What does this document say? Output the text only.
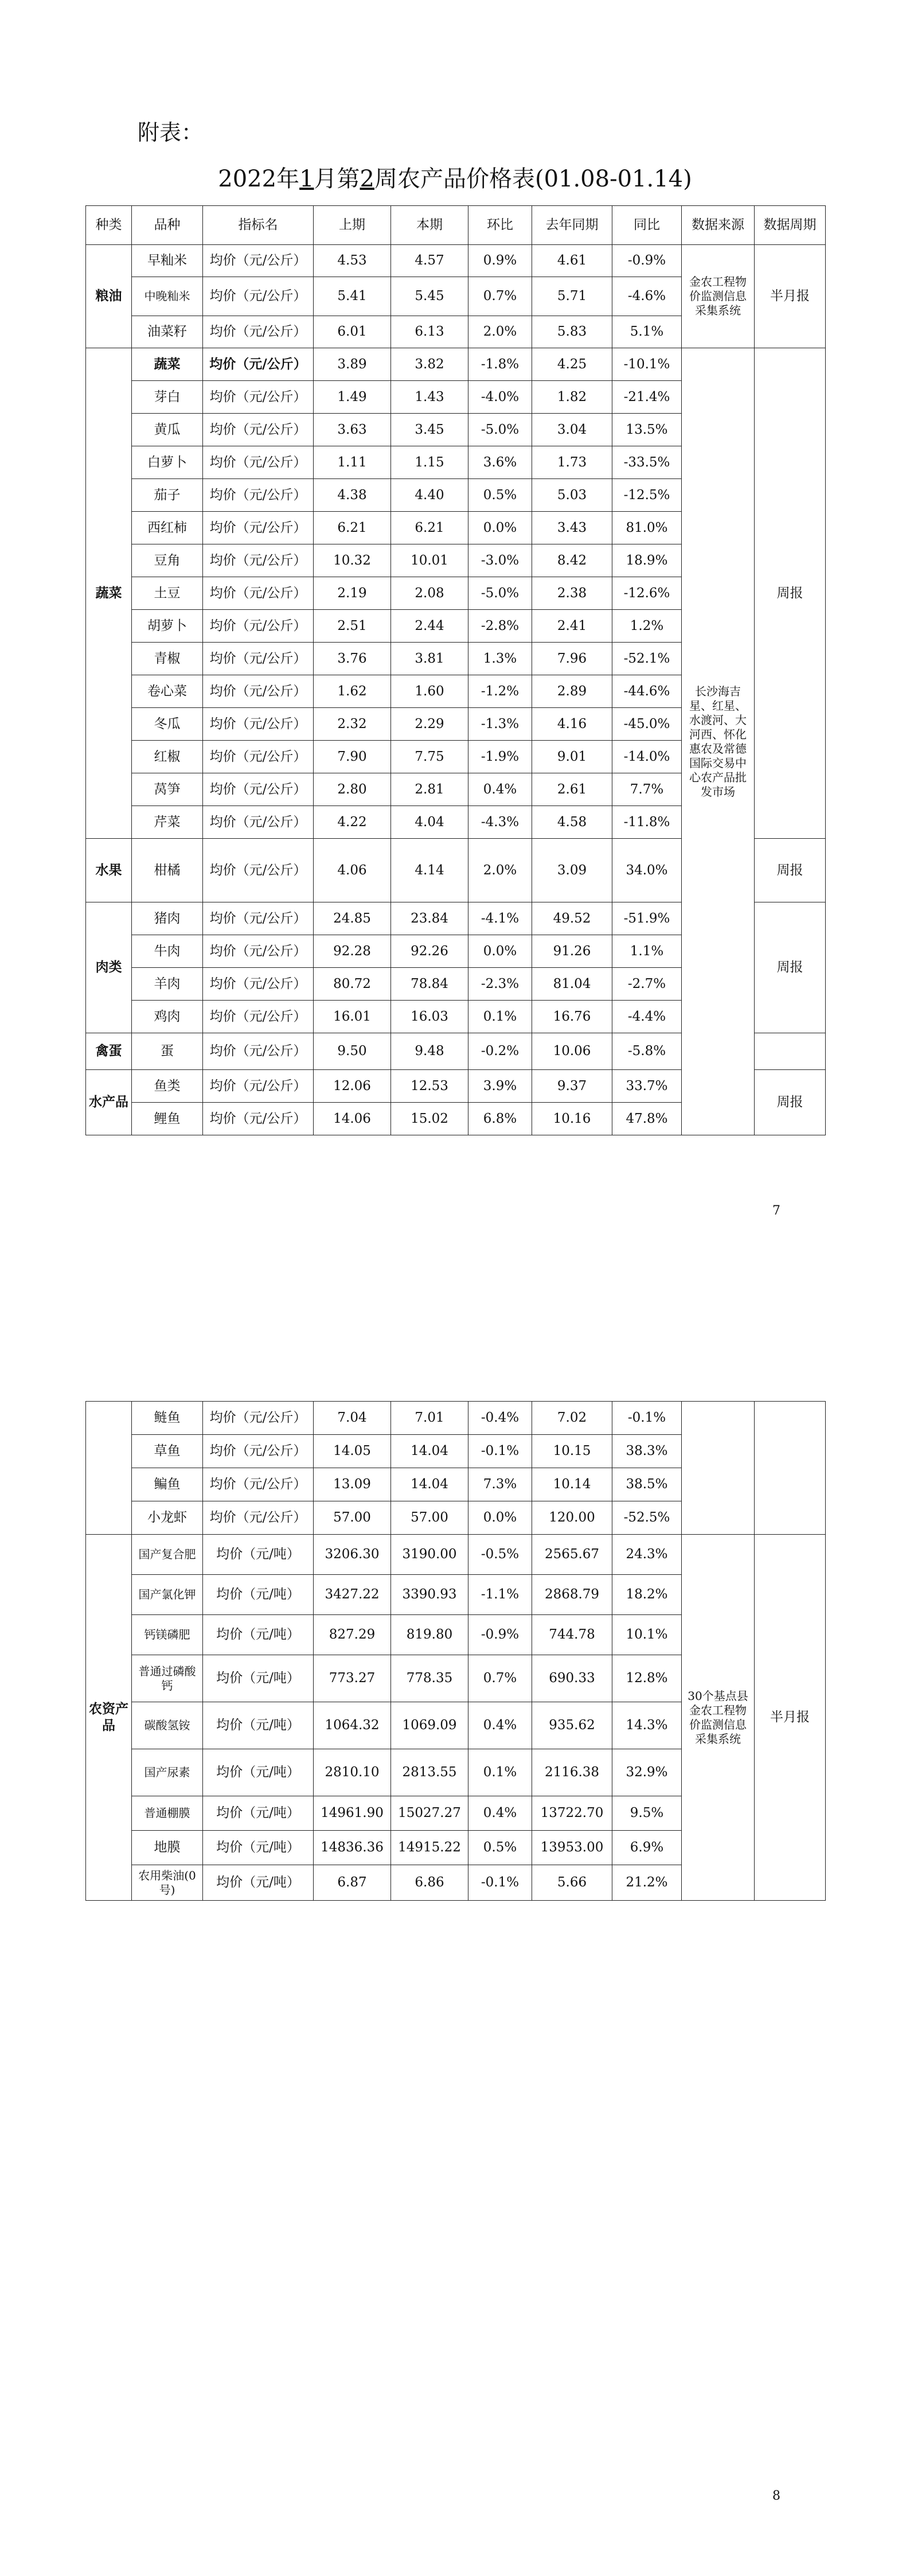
附表：
2022年1月第2周农产品价格表(01.08-01.14)
种类	品种	指标名	上期	本期	环比	去年同期	同比	数据来源	数据周期
粮油	早籼米	均价（元/公斤）	4.53	4.57	0.9%	4.61	-0.9%	金农工程物价监测信息采集系统	半月报
	中晚籼米	均价（元/公斤）	5.41	5.45	0.7%	5.71	-4.6%		
	油菜籽	均价（元/公斤）	6.01	6.13	2.0%	5.83	5.1%		
蔬菜	蔬菜	均价（元/公斤）	3.89	3.82	-1.8%	4.25	-10.1%	长沙海吉星、红星、水渡河、大河西、怀化惠农及常德国际交易中心农产品批发市场	周报
	芽白	均价（元/公斤）	1.49	1.43	-4.0%	1.82	-21.4%		
	黄瓜	均价（元/公斤）	3.63	3.45	-5.0%	3.04	13.5%		
	白萝卜	均价（元/公斤）	1.11	1.15	3.6%	1.73	-33.5%		
	茄子	均价（元/公斤）	4.38	4.40	0.5%	5.03	-12.5%		
	西红柿	均价（元/公斤）	6.21	6.21	0.0%	3.43	81.0%		
	豆角	均价（元/公斤）	10.32	10.01	-3.0%	8.42	18.9%		
	土豆	均价（元/公斤）	2.19	2.08	-5.0%	2.38	-12.6%		
	胡萝卜	均价（元/公斤）	2.51	2.44	-2.8%	2.41	1.2%		
	青椒	均价（元/公斤）	3.76	3.81	1.3%	7.96	-52.1%		
	卷心菜	均价（元/公斤）	1.62	1.60	-1.2%	2.89	-44.6%		
	冬瓜	均价（元/公斤）	2.32	2.29	-1.3%	4.16	-45.0%		
	红椒	均价（元/公斤）	7.90	7.75	-1.9%	9.01	-14.0%		
	莴笋	均价（元/公斤）	2.80	2.81	0.4%	2.61	7.7%		
	芹菜	均价（元/公斤）	4.22	4.04	-4.3%	4.58	-11.8%		
水果	柑橘	均价（元/公斤）	4.06	4.14	2.0%	3.09	34.0%		周报
肉类	猪肉	均价（元/公斤）	24.85	23.84	-4.1%	49.52	-51.9%		周报
	牛肉	均价（元/公斤）	92.28	92.26	0.0%	91.26	1.1%		
	羊肉	均价（元/公斤）	80.72	78.84	-2.3%	81.04	-2.7%		
	鸡肉	均价（元/公斤）	16.01	16.03	0.1%	16.76	-4.4%		
禽蛋	蛋	均价（元/公斤）	9.50	9.48	-0.2%	10.06	-5.8%		
水产品	鱼类	均价（元/公斤）	12.06	12.53	3.9%	9.37	33.7%		周报
	鲤鱼	均价（元/公斤）	14.06	15.02	6.8%	10.16	47.8%		
7
	鲢鱼	均价（元/公斤）	7.04	7.01	-0.4%	7.02	-0.1%		
	草鱼	均价（元/公斤）	14.05	14.04	-0.1%	10.15	38.3%		
	鳊鱼	均价（元/公斤）	13.09	14.04	7.3%	10.14	38.5%		
	小龙虾	均价（元/公斤）	57.00	57.00	0.0%	120.00	-52.5%		
农资产品	国产复合肥	均价（元/吨）	3206.30	3190.00	-0.5%	2565.67	24.3%	30个基点县金农工程物价监测信息采集系统	半月报
	国产氯化钾	均价（元/吨）	3427.22	3390.93	-1.1%	2868.79	18.2%		
	钙镁磷肥	均价（元/吨）	827.29	819.80	-0.9%	744.78	10.1%		
	普通过磷酸钙	均价（元/吨）	773.27	778.35	0.7%	690.33	12.8%		
	碳酸氢铵	均价（元/吨）	1064.32	1069.09	0.4%	935.62	14.3%		
	国产尿素	均价（元/吨）	2810.10	2813.55	0.1%	2116.38	32.9%		
	普通棚膜	均价（元/吨）	14961.90	15027.27	0.4%	13722.70	9.5%		
	地膜	均价（元/吨）	14836.36	14915.22	0.5%	13953.00	6.9%		
	农用柴油(0号)	均价（元/吨）	6.87	6.86	-0.1%	5.66	21.2%		
8
